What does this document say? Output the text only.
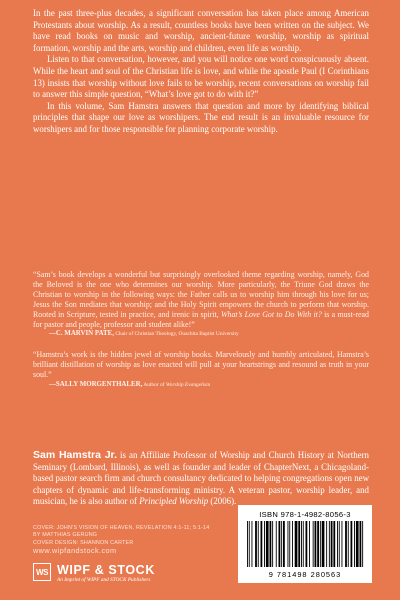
In the past three-plus decades, a significant conversation has taken place among American Protestants about worship. As a result, countless books have been written on the subject. We have read books on music and worship, ancient-future worship, worship as spiritual formation, worship and the arts, worship and children, even life as worship.

Listen to that conversation, however, and you will notice one word conspicuously absent. While the heart and soul of the Christian life is love, and while the apostle Paul (I Corinthians 13) insists that worship without love fails to be worship, recent conversations on worship fail to answer this simple question, “What’s love got to do with it?”

In this volume, Sam Hamstra answers that question and more by identifying biblical principles that shape our love as worshipers. The end result is an invaluable resource for worshipers and for those responsible for planning corporate worship.

“Sam’s book develops a wonderful but surprisingly overlooked theme regarding worship, namely, God the Beloved is the one who determines our worship. More particularly, the Triune God draws the Christian to worship in the following ways: the Father calls us to worship him through his love for us; Jesus the Son mediates that worship; and the Holy Spirit empowers the church to perform that worship. Rooted in Scripture, tested in practice, and irenic in spirit, What’s Love Got to Do With it? is a must-read for pastor and people, professor and student alike!”

—C. MARVIN PATE, Chair of Christian Theology, Ouachita Baptist University

“Hamstra’s work is the hidden jewel of worship books. Marvelously and humbly articulated, Hamstra’s brilliant distillation of worship as love enacted will pull at your heartstrings and resound as truth in your soul.”

—SALLY MORGENTHALER, Author of Worship Evangelism

Sam Hamstra Jr. is an Affiliate Professor of Worship and Church History at Northern Seminary (Lombard, Illinois), as well as founder and leader of ChapterNext, a Chicagoland-based pastor search firm and church consultancy dedicated to helping congregations open new chapters of dynamic and life-transforming ministry. A veteran pastor, worship leader, and musician, he is also author of Principled Worship (2006).
COVER: JOHN’S VISION OF HEAVEN, REVELATION 4:1-11; 5:1-14
BY MATTHIAS GERUNG
COVER DESIGN: SHANNON CARTER
www.wipfandstock.com
WS WIPF & STOCK
An Imprint of WIPF and STOCK Publishers
ISBN 978-1-4982-8056-3
9 781498 280563
